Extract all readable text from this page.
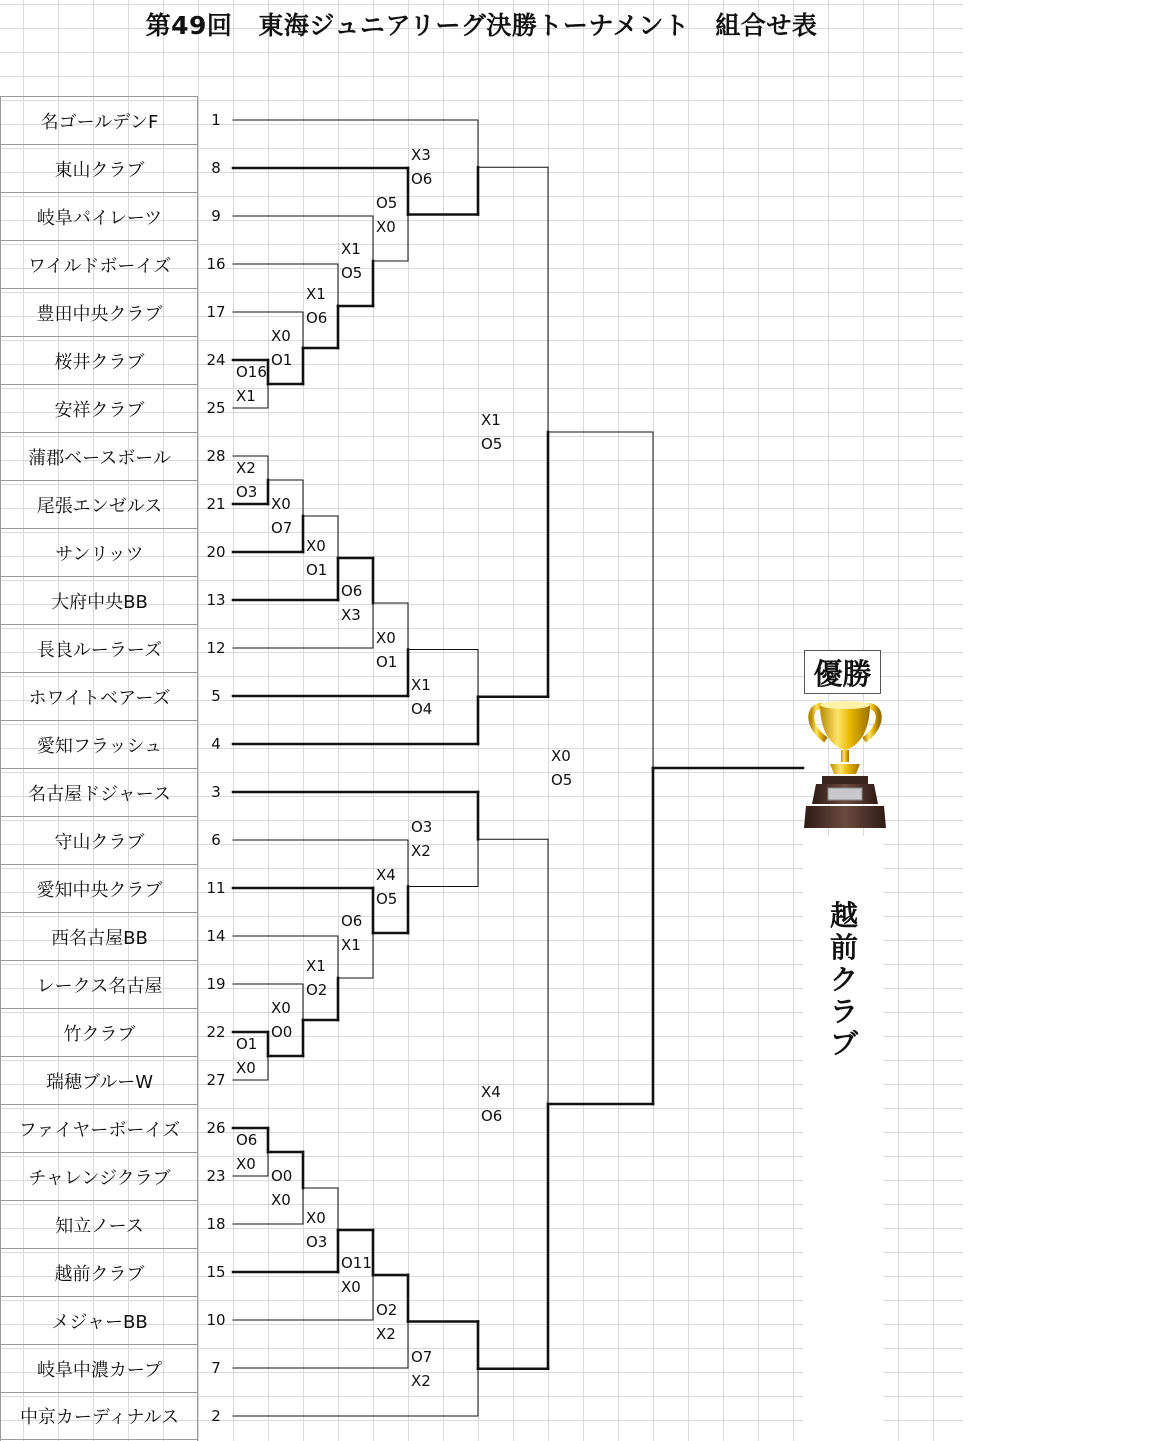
第49回 東海ジュニアリーグ決勝トーナメント 組合せ表
名ゴールデンF	1
東山クラブ	8
岐阜パイレーツ	9
ワイルドボーイズ	16
豊田中央クラブ	17
桜井クラブ	24
安祥クラブ	25
蒲郡ベースボール	28
尾張エンゼルス	21
サンリッツ	20
大府中央BB	13
長良ルーラーズ	12
ホワイトベアーズ	5
愛知フラッシュ	4
名古屋ドジャース	3
守山クラブ	6
愛知中央クラブ	11
西名古屋BB	14
レークス名古屋	19
竹クラブ	22
瑞穂ブルーW	27
ファイヤーボーイズ	26
チャレンジクラブ	23
知立ノース	18
越前クラブ	15
メジャーBB	10
岐阜中濃カープ	7
中京カーディナルス	2
O16
X1
X0
O1
X1
O6
X1
O5
O5
X0
X3
O6
X2
O3
X0
O7
X0
O1
O6
X3
X0
O1
X1
O4
X1
O5
O1
X0
X0
O0
X1
O2
O6
X1
X4
O5
O3
X2
O6
X0
O0
X0
X0
O3
O11
X0
O2
X2
O7
X2
X4
O6
X0
O5
優勝
越前クラブ
